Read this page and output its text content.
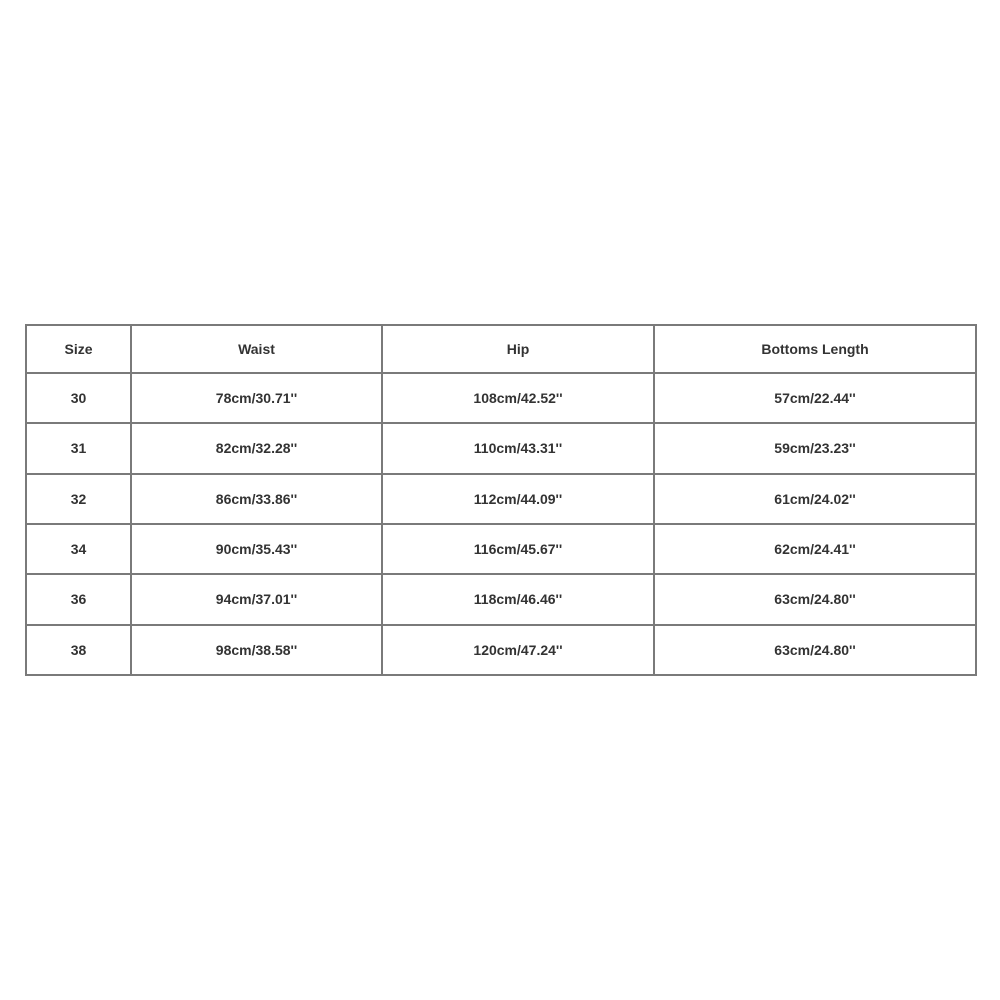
Size	Waist	Hip	Bottoms Length
30	78cm/30.71''	108cm/42.52''	57cm/22.44''
31	82cm/32.28''	110cm/43.31''	59cm/23.23''
32	86cm/33.86''	112cm/44.09''	61cm/24.02''
34	90cm/35.43''	116cm/45.67''	62cm/24.41''
36	94cm/37.01''	118cm/46.46''	63cm/24.80''
38	98cm/38.58''	120cm/47.24''	63cm/24.80''
